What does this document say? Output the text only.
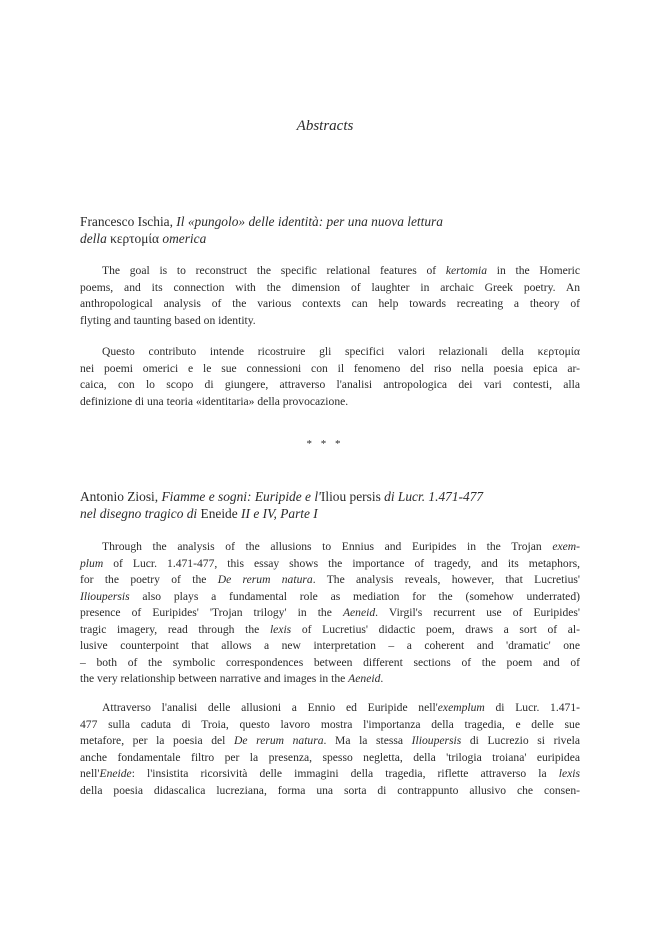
Abstracts
Francesco Ischia, Il «pungolo» delle identità: per una nuova lettura
della κερτομία omerica
The goal is to reconstruct the specific relational features of kertomia in the Homeric
poems, and its connection with the dimension of laughter in archaic Greek poetry. An
anthropological analysis of the various contexts can help towards recreating a theory of
flyting and taunting based on identity.
Questo contributo intende ricostruire gli specifici valori relazionali della κερτομία
nei poemi omerici e le sue connessioni con il fenomeno del riso nella poesia epica ar-
caica, con lo scopo di giungere, attraverso l'analisi antropologica dei vari contesti, alla
definizione di una teoria «identitaria» della provocazione.
* * *
Antonio Ziosi, Fiamme e sogni: Euripide e l'Iliou persis di Lucr. 1.471-477
nel disegno tragico di Eneide II e IV, Parte I
Through the analysis of the allusions to Ennius and Euripides in the Trojan exem-
plum of Lucr. 1.471-477, this essay shows the importance of tragedy, and its metaphors,
for the poetry of the De rerum natura. The analysis reveals, however, that Lucretius'
Ilioupersis also plays a fundamental role as mediation for the (somehow underrated)
presence of Euripides' 'Trojan trilogy' in the Aeneid. Virgil's recurrent use of Euripides'
tragic imagery, read through the lexis of Lucretius' didactic poem, draws a sort of al-
lusive counterpoint that allows a new interpretation – a coherent and 'dramatic' one
– both of the symbolic correspondences between different sections of the poem and of
the very relationship between narrative and images in the Aeneid.
Attraverso l'analisi delle allusioni a Ennio ed Euripide nell'exemplum di Lucr. 1.471-
477 sulla caduta di Troia, questo lavoro mostra l'importanza della tragedia, e delle sue
metafore, per la poesia del De rerum natura. Ma la stessa Ilioupersis di Lucrezio si rivela
anche fondamentale filtro per la presenza, spesso negletta, della 'trilogia troiana' euripidea
nell'Eneide: l'insistita ricorsività delle immagini della tragedia, riflette attraverso la lexis
della poesia didascalica lucreziana, forma una sorta di contrappunto allusivo che consen-
